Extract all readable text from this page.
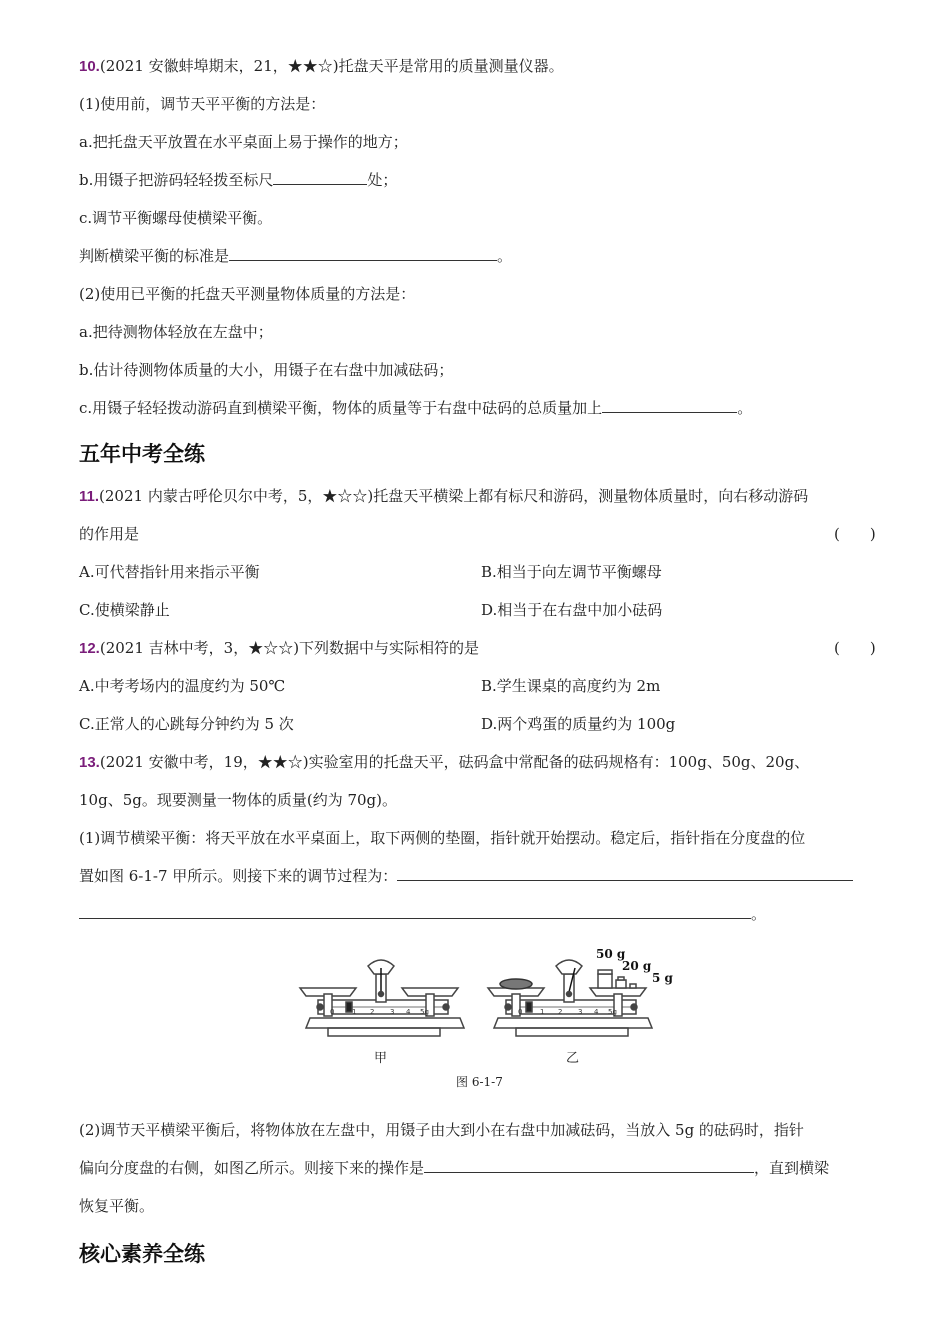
10.(2021 安徽蚌埠期末，21，★★☆)托盘天平是常用的质量测量仪器。
(1)使用前，调节天平平衡的方法是：
a.把托盘天平放置在水平桌面上易于操作的地方；
b.用镊子把游码轻轻拨至标尺	处；
c.调节平衡螺母使横梁平衡。
判断横梁平衡的标准是	。
(2)使用已平衡的托盘天平测量物体质量的方法是：
a.把待测物体轻放在左盘中；
b.估计待测物体质量的大小，用镊子在右盘中加减砝码；
c.用镊子轻轻拨动游码直到横梁平衡，物体的质量等于右盘中砝码的总质量加上	。
五年中考全练
11.(2021 内蒙古呼伦贝尔中考，5，★☆☆)托盘天平横梁上都有标尺和游码，测量物体质量时，向右移动游码
的作用是	(　　)
A.可代替指针用来指示平衡	B.相当于向左调节平衡螺母
C.使横梁静止	D.相当于在右盘中加小砝码
12.(2021 吉林中考，3，★☆☆)下列数据中与实际相符的是	(　　)
A.中考考场内的温度约为 50℃	B.学生课桌的高度约为 2m
C.正常人的心跳每分钟约为 5 次	D.两个鸡蛋的质量约为 100g
13.(2021 安徽中考，19，★★☆)实验室用的托盘天平，砝码盒中常配备的砝码规格有：100g、50g、20g、
10g、5g。现要测量一物体的质量(约为 70g)。
(1)调节横梁平衡：将天平放在水平桌面上，取下两侧的垫圈，指针就开始摆动。稳定后，指针指在分度盘的位
置如图 6-1-7 甲所示。则接下来的调节过程为：
。
0	1 2 3 4 5g	0	1 2 3 4 5g
50 g
20 g
5 g
甲	乙
图 6-1-7
(2)调节天平横梁平衡后，将物体放在左盘中，用镊子由大到小在右盘中加减砝码，当放入 5g 的砝码时，指针
偏向分度盘的右侧，如图乙所示。则接下来的操作是	，直到横梁
恢复平衡。
核心素养全练
